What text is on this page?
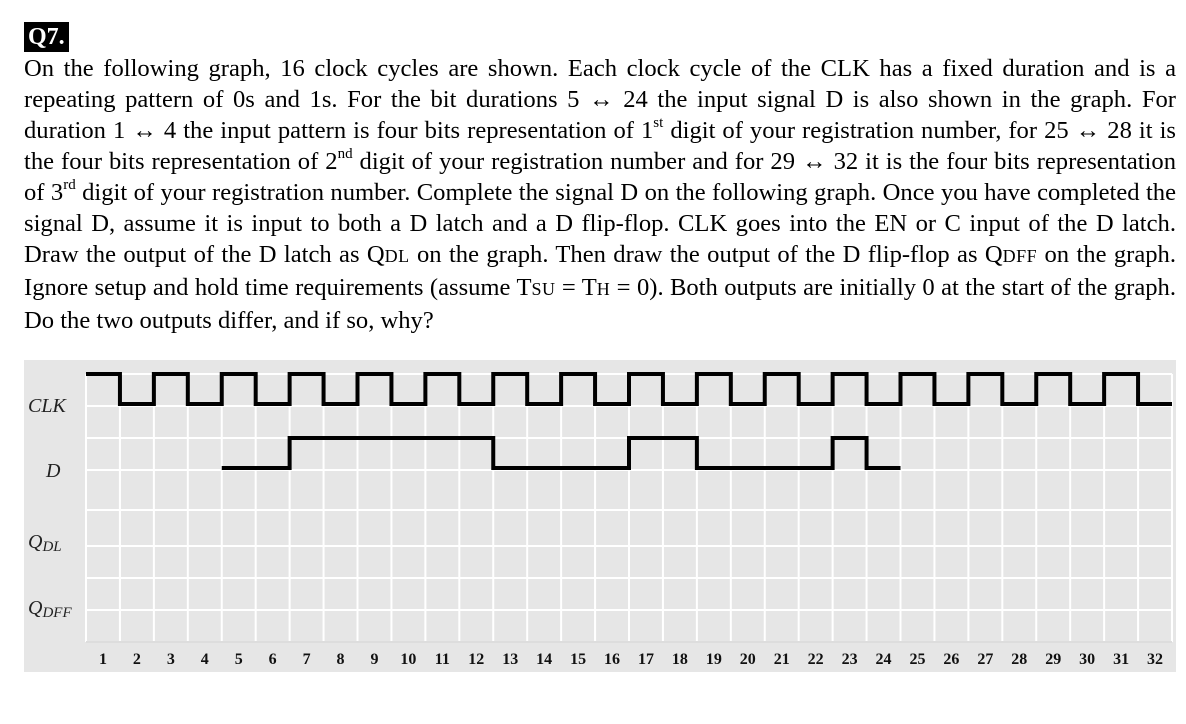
Q7.

On the following graph, 16 clock cycles are shown. Each clock cycle of the CLK has a fixed duration and is a repeating pattern of 0s and 1s. For the bit durations 5 ↔ 24 the input signal D is also shown in the graph. For duration 1 ↔ 4 the input pattern is four bits representation of 1st digit of your registration number, for 25 ↔ 28 it is the four bits representation of 2nd digit of your registration number and for 29 ↔ 32 it is the four bits representation of 3rd digit of your registration number. Complete the signal D on the following graph. Once you have completed the signal D, assume it is input to both a D latch and a D flip-flop. CLK goes into the EN or C input of the D latch. Draw the output of the D latch as QDL on the graph. Then draw the output of the D flip-flop as QDFF on the graph. Ignore setup and hold time requirements (assume TSU = TH = 0). Both outputs are initially 0 at the start of the graph. Do the two outputs differ, and if so, why?

CLK
D
QDL
QDFF
1 2 3 4 5 6 7 8 9 10 11 12 13 14 15 16 17 18 19 20 21 22 23 24 25 26 27 28 29 30 31 32
